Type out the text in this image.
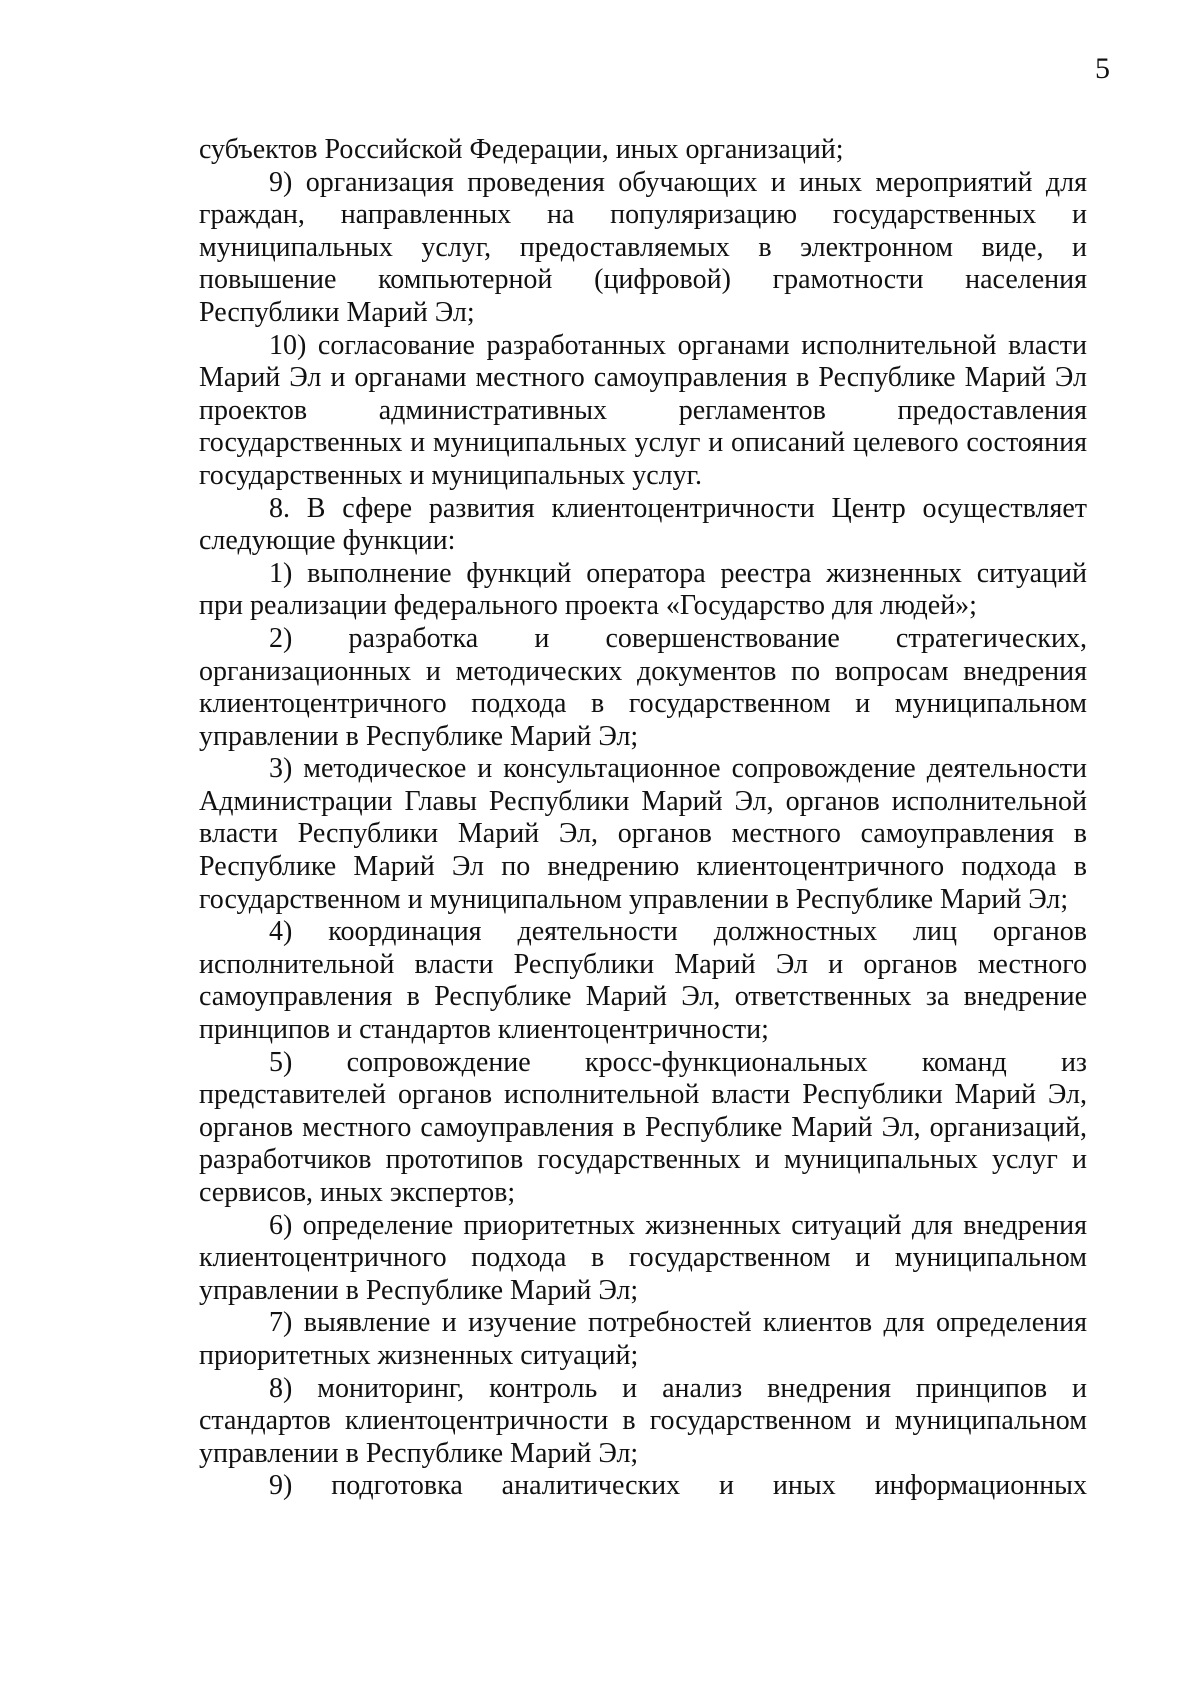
5

субъектов Российской Федерации, иных организаций;

9) организация проведения обучающих и иных мероприятий для граждан, направленных на популяризацию государственных и муниципальных услуг, предоставляемых в электронном виде, и повышение компьютерной (цифровой) грамотности населения Республики Марий Эл;

10) согласование разработанных органами исполнительной власти Марий Эл и органами местного самоуправления в Республике Марий Эл проектов административных регламентов предоставления государственных и муниципальных услуг и описаний целевого состояния государственных и муниципальных услуг.

8. В сфере развития клиентоцентричности Центр осуществляет следующие функции:

1) выполнение функций оператора реестра жизненных ситуаций при реализации федерального проекта «Государство для людей»;

2) разработка и совершенствование стратегических, организационных и методических документов по вопросам внедрения клиентоцентричного подхода в государственном и муниципальном управлении в Республике Марий Эл;

3) методическое и консультационное сопровождение деятельности Администрации Главы Республики Марий Эл, органов исполнительной власти Республики Марий Эл, органов местного самоуправления в Республике Марий Эл по внедрению клиентоцентричного подхода в государственном и муниципальном управлении в Республике Марий Эл;

4) координация деятельности должностных лиц органов исполнительной власти Республики Марий Эл и органов местного самоуправления в Республике Марий Эл, ответственных за внедрение принципов и стандартов клиентоцентричности;

5) сопровождение кросс-функциональных команд из представителей органов исполнительной власти Республики Марий Эл, органов местного самоуправления в Республике Марий Эл, организаций, разработчиков прототипов государственных и муниципальных услуг и сервисов, иных экспертов;

6) определение приоритетных жизненных ситуаций для внедрения клиентоцентричного подхода в государственном и муниципальном управлении в Республике Марий Эл;

7) выявление и изучение потребностей клиентов для определения приоритетных жизненных ситуаций;

8) мониторинг, контроль и анализ внедрения принципов и стандартов клиентоцентричности в государственном и муниципальном управлении в Республике Марий Эл;

9) подготовка аналитических и иных информационных
